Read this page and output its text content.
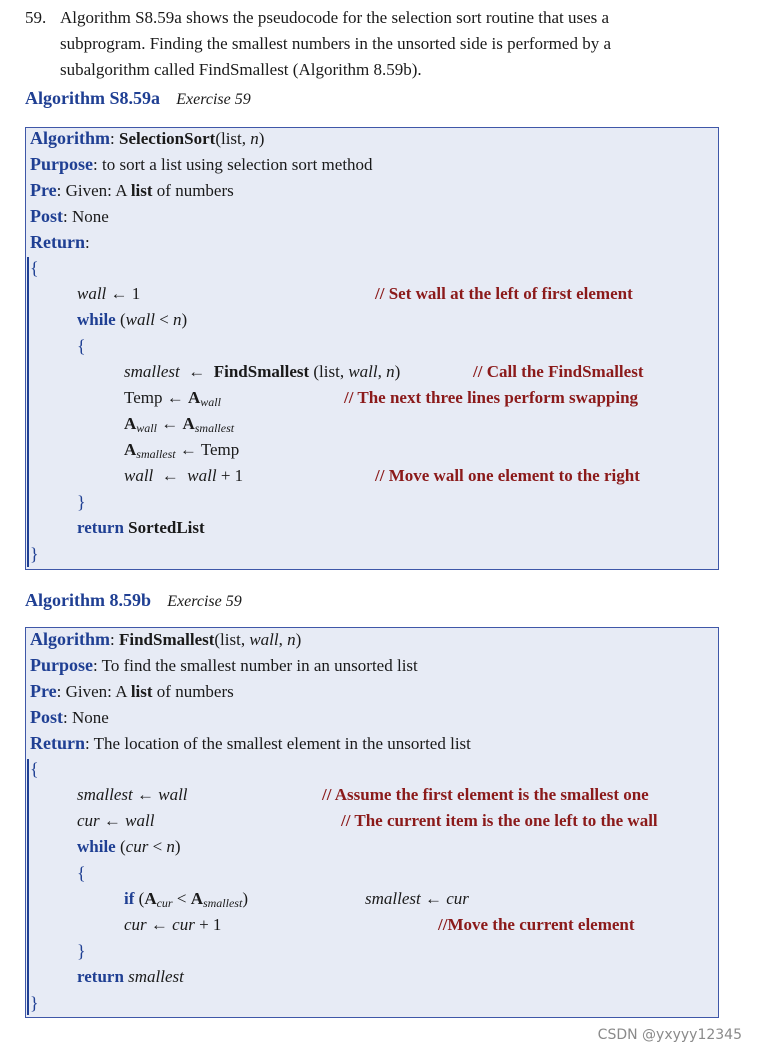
59. Algorithm S8.59a shows the pseudocode for the selection sort routine that uses a
subprogram. Finding the smallest numbers in the unsorted side is performed by a
subalgorithm called FindSmallest (Algorithm 8.59b).
Algorithm S8.59a Exercise 59
Algorithm: SelectionSort(list, n)
Purpose: to sort a list using selection sort method
Pre: Given: A list of numbers
Post: None
Return:
{
wall ← 1	// Set wall at the left of first element
while (wall < n)
{
smallest  ←  FindSmallest (list, wall, n)	// Call the FindSmallest
Temp ← $A_{wall}$	// The next three lines perform swapping
$A_{wall}$ ← $A_{smallest}$
$A_{smallest}$ ← Temp
wall  ←  wall + 1	// Move wall one element to the right
}
return SortedList
}
Algorithm 8.59b Exercise 59
Algorithm: FindSmallest(list, wall, n)
Purpose: To find the smallest number in an unsorted list
Pre: Given: A list of numbers
Post: None
Return: The location of the smallest element in the unsorted list
{
smallest ← wall	// Assume the first element is the smallest one
cur ← wall	// The current item is the one left to the wall
while (cur < n)
{
if $(A_{cur} < A_{smallest})$	smallest ← cur
cur ← cur + 1	//Move the current element
}
return smallest
}
CSDN @yxyyy12345
